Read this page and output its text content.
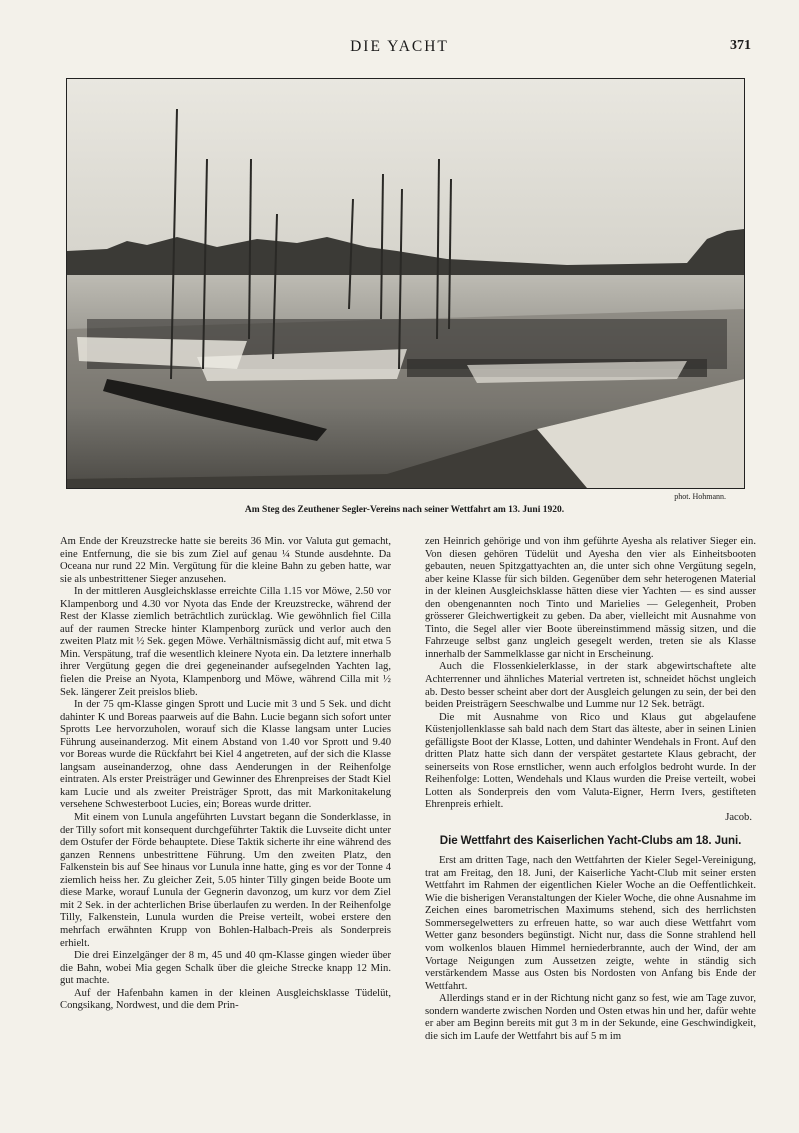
DIE YACHT	371
phot. Hohmann.
Am Steg des Zeuthener Segler-Vereins nach seiner Wettfahrt am 13. Juni 1920.

Am Ende der Kreuzstrecke hatte sie bereits 36 Min. vor Valuta gut gemacht, eine Entfernung, die sie bis zum Ziel auf genau ¼ Stunde ausdehnte. Da Oceana nur rund 22 Min. Vergütung für die kleine Bahn zu geben hatte, war sie als unbestrittener Sieger anzusehen.

In der mittleren Ausgleichsklasse erreichte Cilla 1.15 vor Möwe, 2.50 vor Klampenborg und 4.30 vor Nyota das Ende der Kreuzstrecke, während der Rest der Klasse ziemlich beträchtlich zurücklag. Wie gewöhnlich fiel Cilla auf der raumen Strecke hinter Klampenborg zurück und verlor auch den zweiten Platz mit ½ Sek. gegen Möwe. Verhältnismässig dicht auf, mit etwa 5 Min. Verspätung, traf die wesentlich kleinere Nyota ein. Da letztere innerhalb ihrer Vergütung gegen die drei gegeneinander aufsegelnden Yachten lag, fielen die Preise an Nyota, Klampenborg und Möwe, während Cilla mit ½ Sek. längerer Zeit preislos blieb.

In der 75 qm-Klasse gingen Sprott und Lucie mit 3 und 5 Sek. und dicht dahinter K und Boreas paarweis auf die Bahn. Lucie begann sich sofort unter Sprotts Lee hervorzuholen, worauf sich die Klasse langsam unter Lucies Führung auseinanderzog. Mit einem Abstand von 1.40 vor Sprott und 9.40 vor Boreas wurde die Rückfahrt bei Kiel 4 angetreten, auf der sich die Klasse langsam auseinanderzog, ohne dass Aenderungen in der Reihenfolge eintraten. Als erster Preisträger und Gewinner des Ehrenpreises der Stadt Kiel kam Lucie und als zweiter Preisträger Sprott, das mit Markonitakelung versehene Schwesterboot Lucies, ein; Boreas wurde dritter.

Mit einem von Lunula angeführten Luvstart begann die Sonderklasse, in der Tilly sofort mit konsequent durchgeführter Taktik die Luvseite dicht unter dem Ostufer der Förde behauptete. Diese Taktik sicherte ihr eine während des ganzen Rennens unbestrittene Führung. Um den zweiten Platz, den Falkenstein bis auf See hinaus vor Lunula inne hatte, ging es vor der Tonne 4 ziemlich heiss her. Zu gleicher Zeit, 5.05 hinter Tilly gingen beide Boote um diese Marke, worauf Lunula der Gegnerin davonzog, um kurz vor dem Ziel mit 2 Sek. in der achterlichen Brise überlaufen zu werden. In der Reihenfolge Tilly, Falkenstein, Lunula wurden die Preise verteilt, wobei erstere den mehrfach erwähnten Krupp von Bohlen-Halbach-Preis als Sonderpreis erhielt.

Die drei Einzelgänger der 8 m, 45 und 40 qm-Klasse gingen wieder über die Bahn, wobei Mia gegen Schalk über die gleiche Strecke knapp 12 Min. gut machte.

Auf der Hafenbahn kamen in der kleinen Ausgleichsklasse Tüdelüt, Congsikang, Nordwest, und die dem Prin-

zen Heinrich gehörige und von ihm geführte Ayesha als relativer Sieger ein. Von diesen gehören Tüdelüt und Ayesha den vier als Einheitsbooten gebauten, neuen Spitzgattyachten an, die unter sich ohne Vergütung segeln, aber keine Klasse für sich bilden. Gegenüber dem sehr heterogenen Material in der kleinen Ausgleichsklasse hätten diese vier Yachten — es sind ausser den obengenannten noch Tinto und Marielies — Gelegenheit, Proben grösserer Gleichwertigkeit zu geben. Da aber, vielleicht mit Ausnahme von Tinto, die Segel aller vier Boote übereinstimmend mässig sitzen, und die Fahrzeuge selbst ganz ungleich gesegelt werden, treten sie als Klasse innerhalb der Sammelklasse gar nicht in Erscheinung.

Auch die Flossenkielerklasse, in der stark abgewirtschaftete alte Achterrenner und ähnliches Material vertreten ist, schneidet höchst ungleich ab. Desto besser scheint aber dort der Ausgleich gelungen zu sein, der bei den beiden Preisträgern Seeschwalbe und Lumme nur 12 Sek. beträgt.

Die mit Ausnahme von Rico und Klaus gut abgelaufene Küstenjollenklasse sah bald nach dem Start das älteste, aber in seinen Linien gefälligste Boot der Klasse, Lotten, und dahinter Wendehals in Front. Auf den dritten Platz hatte sich dann der verspätet gestartete Klaus gebracht, der seinerseits von Rose ernstlicher, wenn auch erfolglos bedroht wurde. In der Reihenfolge: Lotten, Wendehals und Klaus wurden die Preise verteilt, wobei Lotten als Sonderpreis den vom Valuta-Eigner, Herrn Ivers, gestifteten Ehrenpreis erhielt.

Jacob.

Die Wettfahrt des Kaiserlichen Yacht-Clubs am 18. Juni.

Erst am dritten Tage, nach den Wettfahrten der Kieler Segel-Vereinigung, trat am Freitag, den 18. Juni, der Kaiserliche Yacht-Club mit seiner ersten Wettfahrt im Rahmen der eigentlichen Kieler Woche an die Oeffentlichkeit. Wie die bisherigen Veranstaltungen der Kieler Woche, die ohne Ausnahme im Zeichen eines barometrischen Maximums stehend, sich des herrlichsten Sommersegelwetters zu erfreuen hatte, so war auch diese Wettfahrt vom Wetter ganz besonders begünstigt. Nicht nur, dass die Sonne strahlend hell vom wolkenlos blauen Himmel herniederbrannte, auch der Wind, der am Vortage Neigungen zum Aussetzen zeigte, wehte in ständig sich verstärkendem Masse aus Osten bis Nordosten von Anfang bis Ende der Wettfahrt.

Allerdings stand er in der Richtung nicht ganz so fest, wie am Tage zuvor, sondern wanderte zwischen Norden und Osten etwas hin und her, dafür wehte er aber am Beginn bereits mit gut 3 m in der Sekunde, eine Geschwindigkeit, die sich im Laufe der Wettfahrt bis auf 5 m im
